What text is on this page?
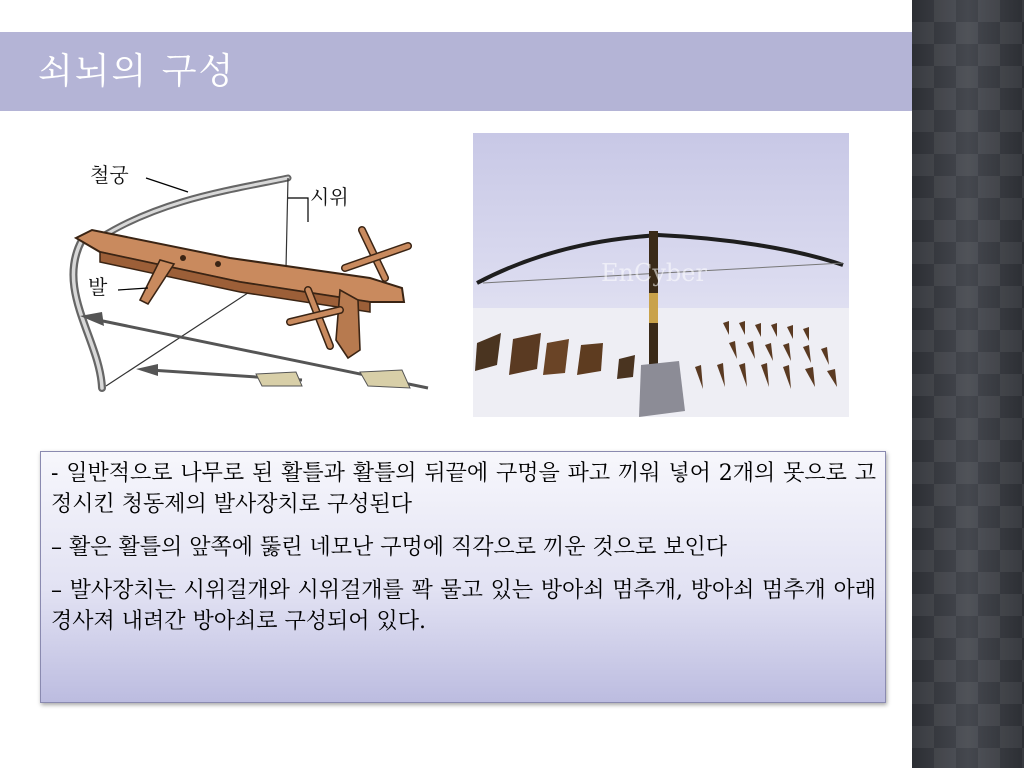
쇠뇌의 구성
철궁
시위
발	EnCyber

- 일반적으로 나무로 된 활틀과 활틀의 뒤끝에 구멍을 파고 끼워 넣어 2개의 못으로 고정시킨 청동제의 발사장치로 구성된다

– 활은 활틀의 앞쪽에 뚫린 네모난 구멍에 직각으로 끼운 것으로 보인다

– 발사장치는 시위걸개와 시위걸개를 꽉 물고 있는 방아쇠 멈추개, 방아쇠 멈추개 아래 경사져 내려간 방아쇠로 구성되어 있다.
